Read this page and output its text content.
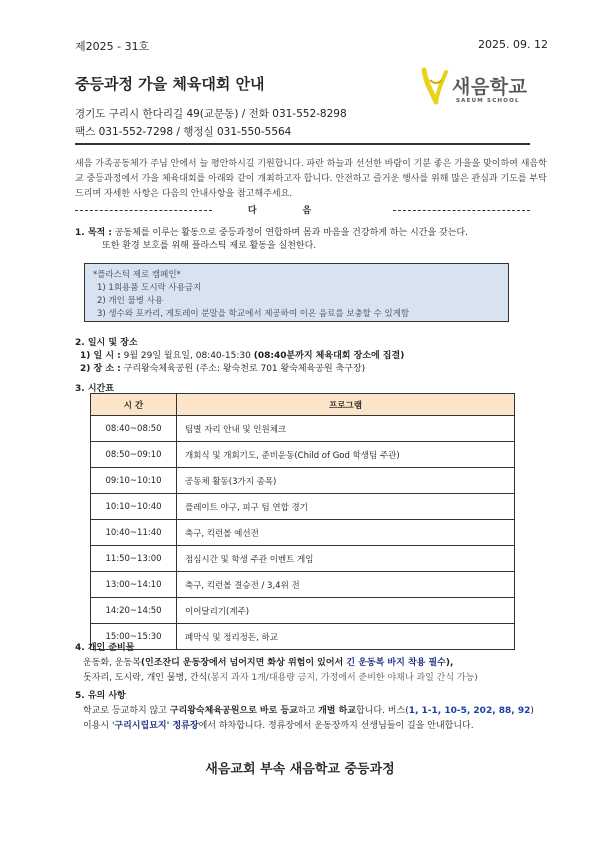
제2025 - 31호	2025. 09. 12
중등과정 가을 체육대회 안내	새음학교
SAEUM SCHOOL
경기도 구리시 한다리길 49(교문동) / 전화 031-552-8298
팩스 031-552-7298 / 행정실 031-550-5564
새음 가족공동체가 주님 안에서 늘 평안하시길 기원합니다. 파란 하늘과 선선한 바람이 기분 좋은 가을을 맞이하여 새음학교 중등과정에서 가을 체육대회를 아래와 같이 개최하고자 합니다. 안전하고 즐거운 행사를 위해 많은 관심과 기도를 부탁드리며 자세한 사항은 다음의 안내사항을 참고해주세요.
다음
1. 목적 : 공동체를 이루는 활동으로 중등과정이 연합하며 몸과 마음을 건강하게 하는 시간을 갖는다.
또한 환경 보호를 위해 플라스틱 제로 활동을 실천한다.
*플라스틱 제로 캠페인*
1) 1회용품 도시락 사용금지
2) 개인 물병 사용
3) 생수와 포카리, 게토레이 분말을 학교에서 제공하여 이온 음료를 보충할 수 있게함
2. 일시 및 장소
1) 일 시 : 9월 29일 월요일, 08:40-15:30 (08:40분까지 체육대회 장소에 집결)
2) 장 소 : 구리왕숙체육공원 (주소: 왕숙천로 701 왕숙체육공원 축구장)
3. 시간표
시 간	프로그램
08:40~08:50	팀별 자리 안내 및 인원체크
08:50~09:10	개회식 및 개회기도, 준비운동(Child of God 학생팀 주관)
09:10~10:10	공동체 활동(3가지 종목)
10:10~10:40	플레이트 야구, 피구 팀 연합 경기
10:40~11:40	축구, 킥런볼 예선전
11:50~13:00	점심시간 및 학생 주관 이벤트 게임
13:00~14:10	축구, 킥런볼 결승전 / 3,4위 전
14:20~14:50	이어달리기(계주)
15:00~15:30	폐막식 및 정리정돈, 하교
4. 개인 준비물
운동화, 운동복(인조잔디 운동장에서 넘어지면 화상 위험이 있어서 긴 운동복 바지 착용 필수),
돗자리, 도시락, 개인 물병, 간식(봉지 과자 1개/대용량 금지, 가정에서 준비한 야채나 과일 간식 가능)
5. 유의 사항
학교로 등교하지 않고 구리왕숙체육공원으로 바로 등교하고 개별 하교합니다. 버스(1, 1-1, 10-5, 202, 88, 92)
이용시 '구리시립묘지' 정류장에서 하차합니다. 정류장에서 운동장까지 선생님들이 길을 안내합니다.
새음교회 부속 새음학교 중등과정
